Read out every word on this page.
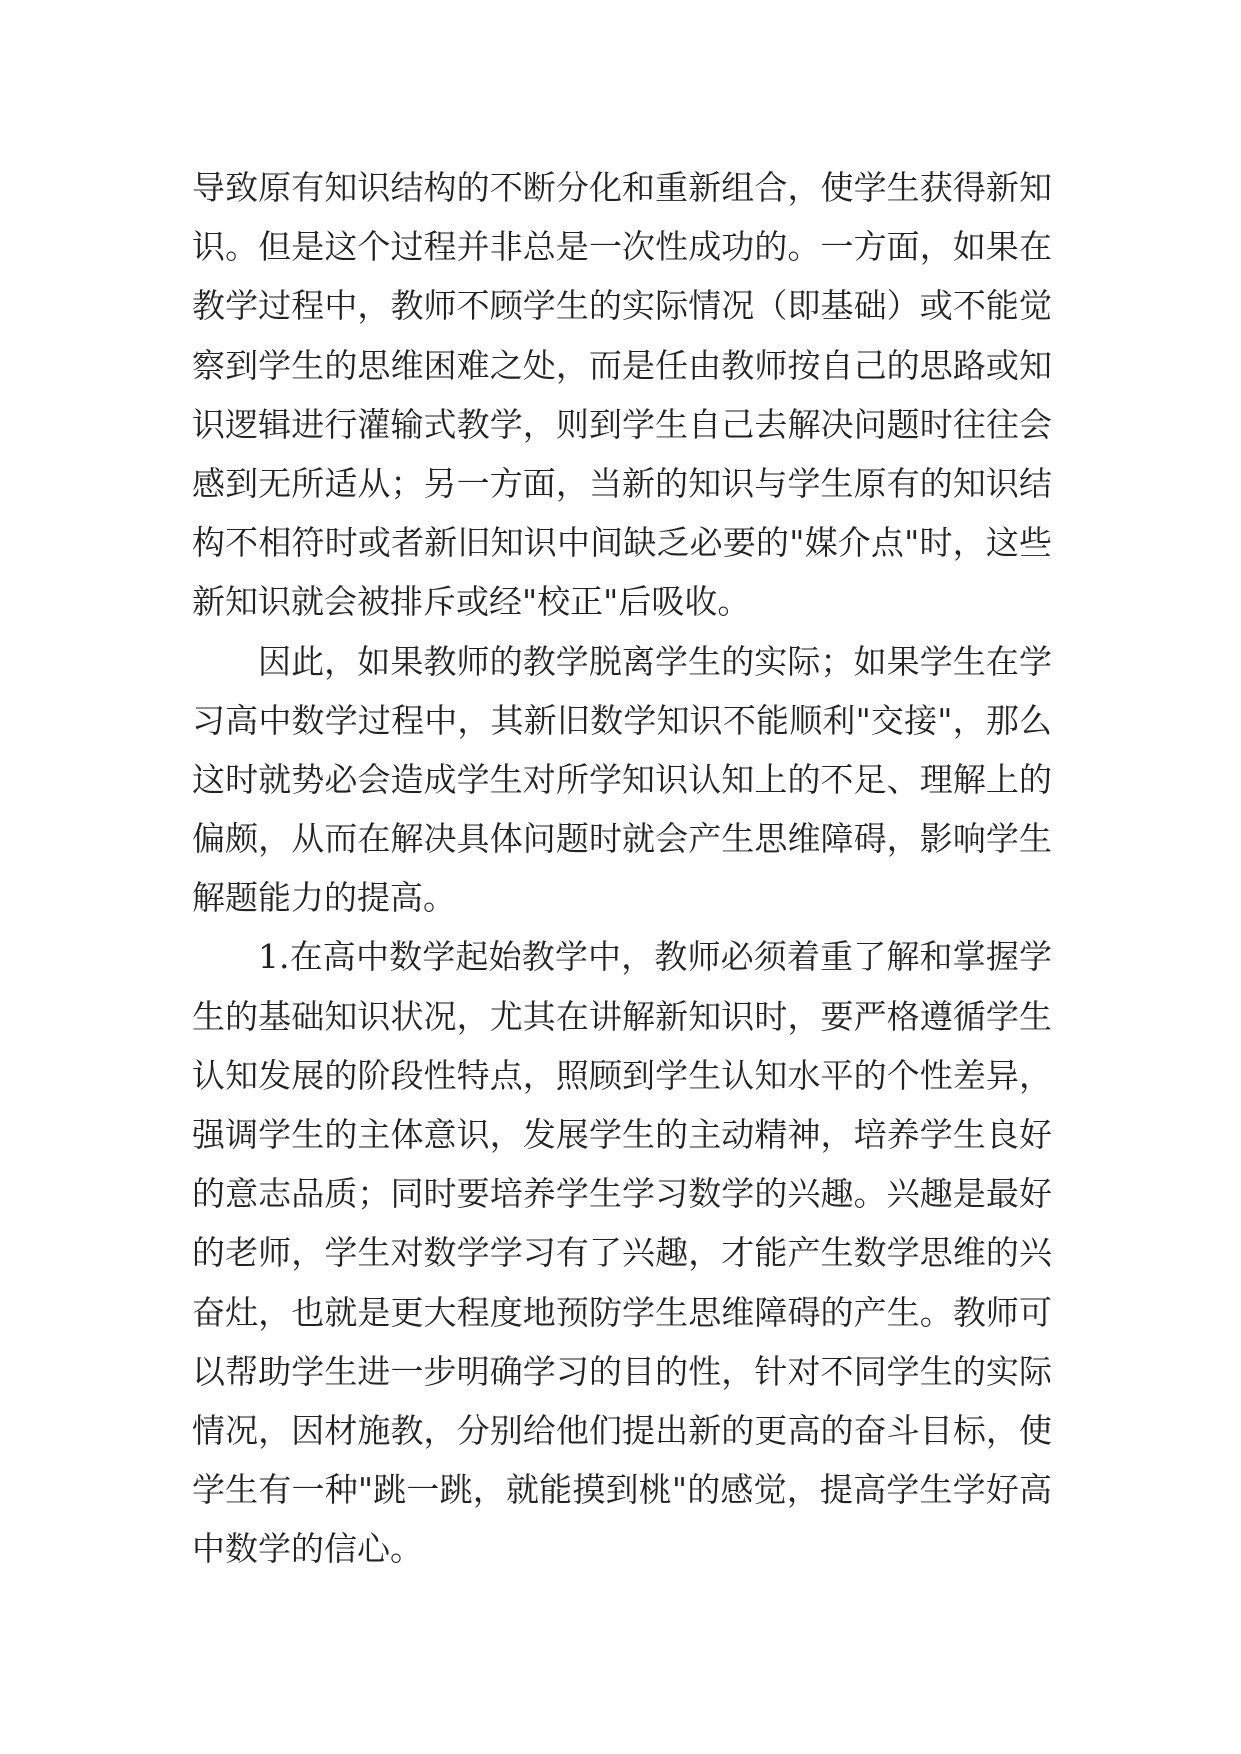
导致原有知识结构的不断分化和重新组合，使学生获得新知
识。但是这个过程并非总是一次性成功的。一方面，如果在
教学过程中，教师不顾学生的实际情况（即基础）或不能觉
察到学生的思维困难之处，而是任由教师按自己的思路或知
识逻辑进行灌输式教学，则到学生自己去解决问题时往往会
感到无所适从；另一方面，当新的知识与学生原有的知识结
构不相符时或者新旧知识中间缺乏必要的"媒介点"时，这些
新知识就会被排斥或经"校正"后吸收。
因此，如果教师的教学脱离学生的实际；如果学生在学
习高中数学过程中，其新旧数学知识不能顺利"交接"，那么
这时就势必会造成学生对所学知识认知上的不足、理解上的
偏颇，从而在解决具体问题时就会产生思维障碍，影响学生
解题能力的提高。
1.在高中数学起始教学中，教师必须着重了解和掌握学
生的基础知识状况，尤其在讲解新知识时，要严格遵循学生
认知发展的阶段性特点，照顾到学生认知水平的个性差异，
强调学生的主体意识，发展学生的主动精神，培养学生良好
的意志品质；同时要培养学生学习数学的兴趣。兴趣是最好
的老师，学生对数学学习有了兴趣，才能产生数学思维的兴
奋灶，也就是更大程度地预防学生思维障碍的产生。教师可
以帮助学生进一步明确学习的目的性，针对不同学生的实际
情况，因材施教，分别给他们提出新的更高的奋斗目标，使
学生有一种"跳一跳，就能摸到桃"的感觉，提高学生学好高
中数学的信心。
